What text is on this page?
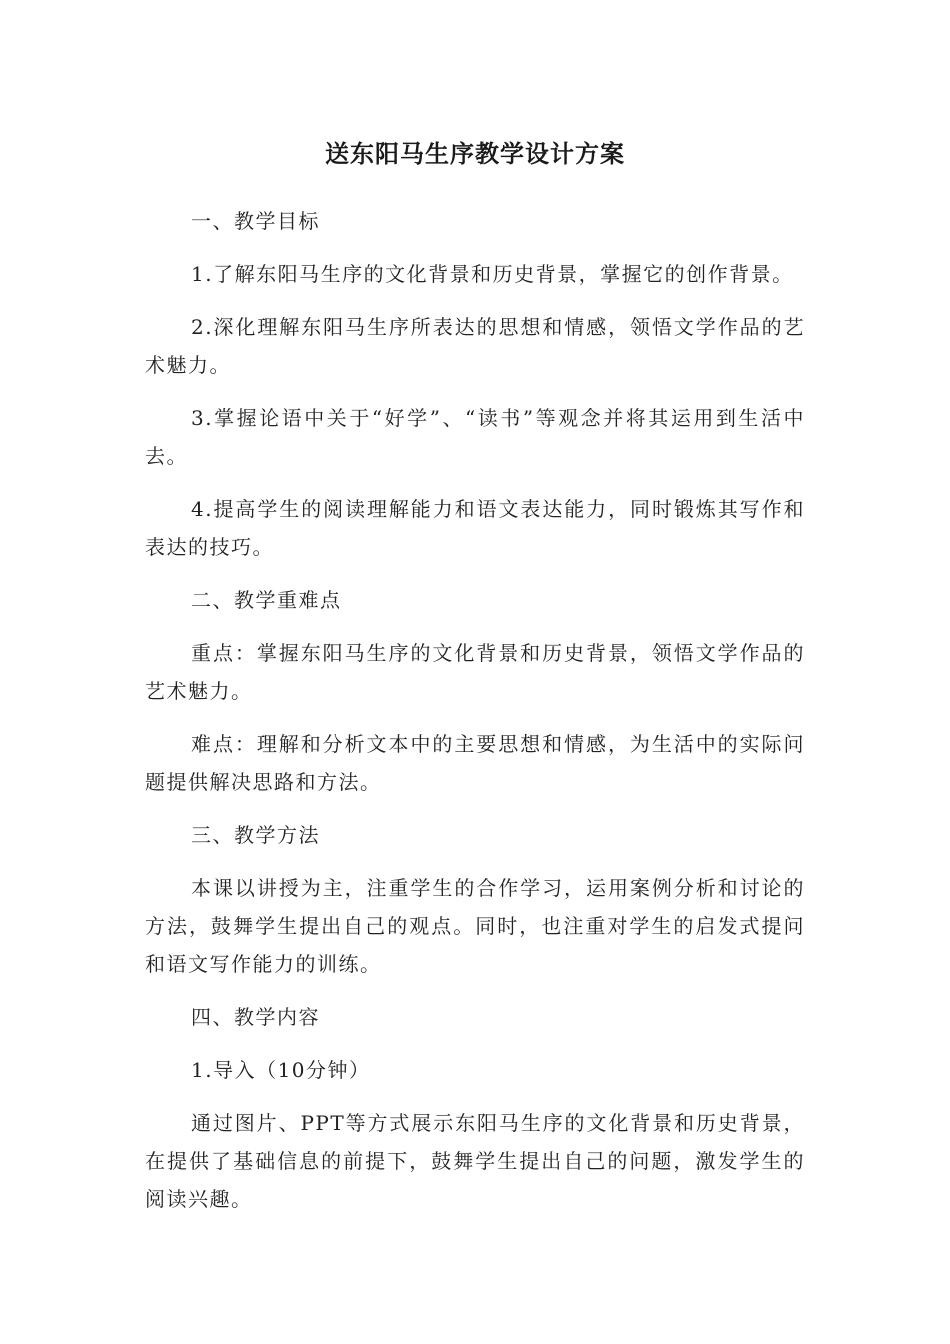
送东阳马生序教学设计方案

一、教学目标

1.了解东阳马生序的文化背景和历史背景，掌握它的创作背景。

2.深化理解东阳马生序所表达的思想和情感，领悟文学作品的艺术魅力。

3.掌握论语中关于“好学”、“读书”等观念并将其运用到生活中去。

4.提高学生的阅读理解能力和语文表达能力，同时锻炼其写作和表达的技巧。

二、教学重难点

重点：掌握东阳马生序的文化背景和历史背景，领悟文学作品的艺术魅力。

难点：理解和分析文本中的主要思想和情感，为生活中的实际问题提供解决思路和方法。

三、教学方法

本课以讲授为主，注重学生的合作学习，运用案例分析和讨论的方法，鼓舞学生提出自己的观点。同时，也注重对学生的启发式提问和语文写作能力的训练。

四、教学内容

1.导入（10分钟）

通过图片、PPT等方式展示东阳马生序的文化背景和历史背景，在提供了基础信息的前提下，鼓舞学生提出自己的问题，激发学生的阅读兴趣。
